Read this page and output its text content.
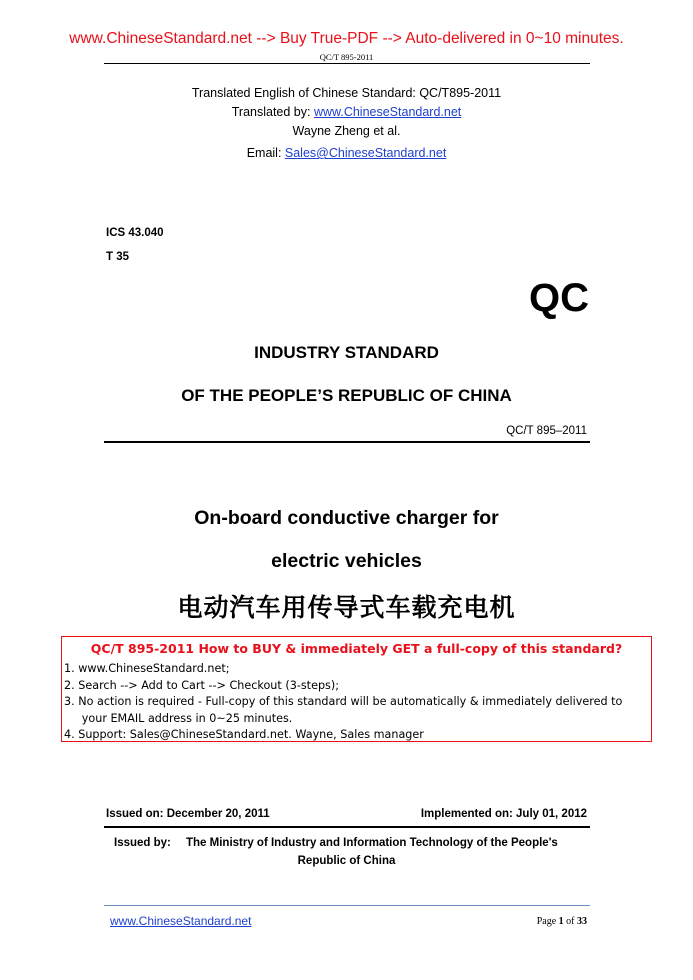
www.ChineseStandard.net --> Buy True-PDF --> Auto-delivered in 0~10 minutes.
QC/T 895-2011
Translated English of Chinese Standard: QC/T895-2011
Translated by: www.ChineseStandard.net
Wayne Zheng et al.
Email: Sales@ChineseStandard.net
ICS 43.040
T 35
QC
INDUSTRY STANDARD
OF THE PEOPLE’S REPUBLIC OF CHINA
QC/T 895–2011
On-board conductive charger for
electric vehicles
电动汽车用传导式车载充电机
QC/T 895-2011 How to BUY & immediately GET a full-copy of this standard?
1. www.ChineseStandard.net;
2. Search --> Add to Cart --> Checkout (3-steps);
3. No action is required - Full-copy of this standard will be automatically & immediately delivered to
your EMAIL address in 0~25 minutes.
4. Support: Sales@ChineseStandard.net. Wayne, Sales manager
Issued on: December 20, 2011	Implemented on: July 01, 2012
Issued by: The Ministry of Industry and Information Technology of the People's
Republic of China
www.ChineseStandard.net	Page 1 of 33
